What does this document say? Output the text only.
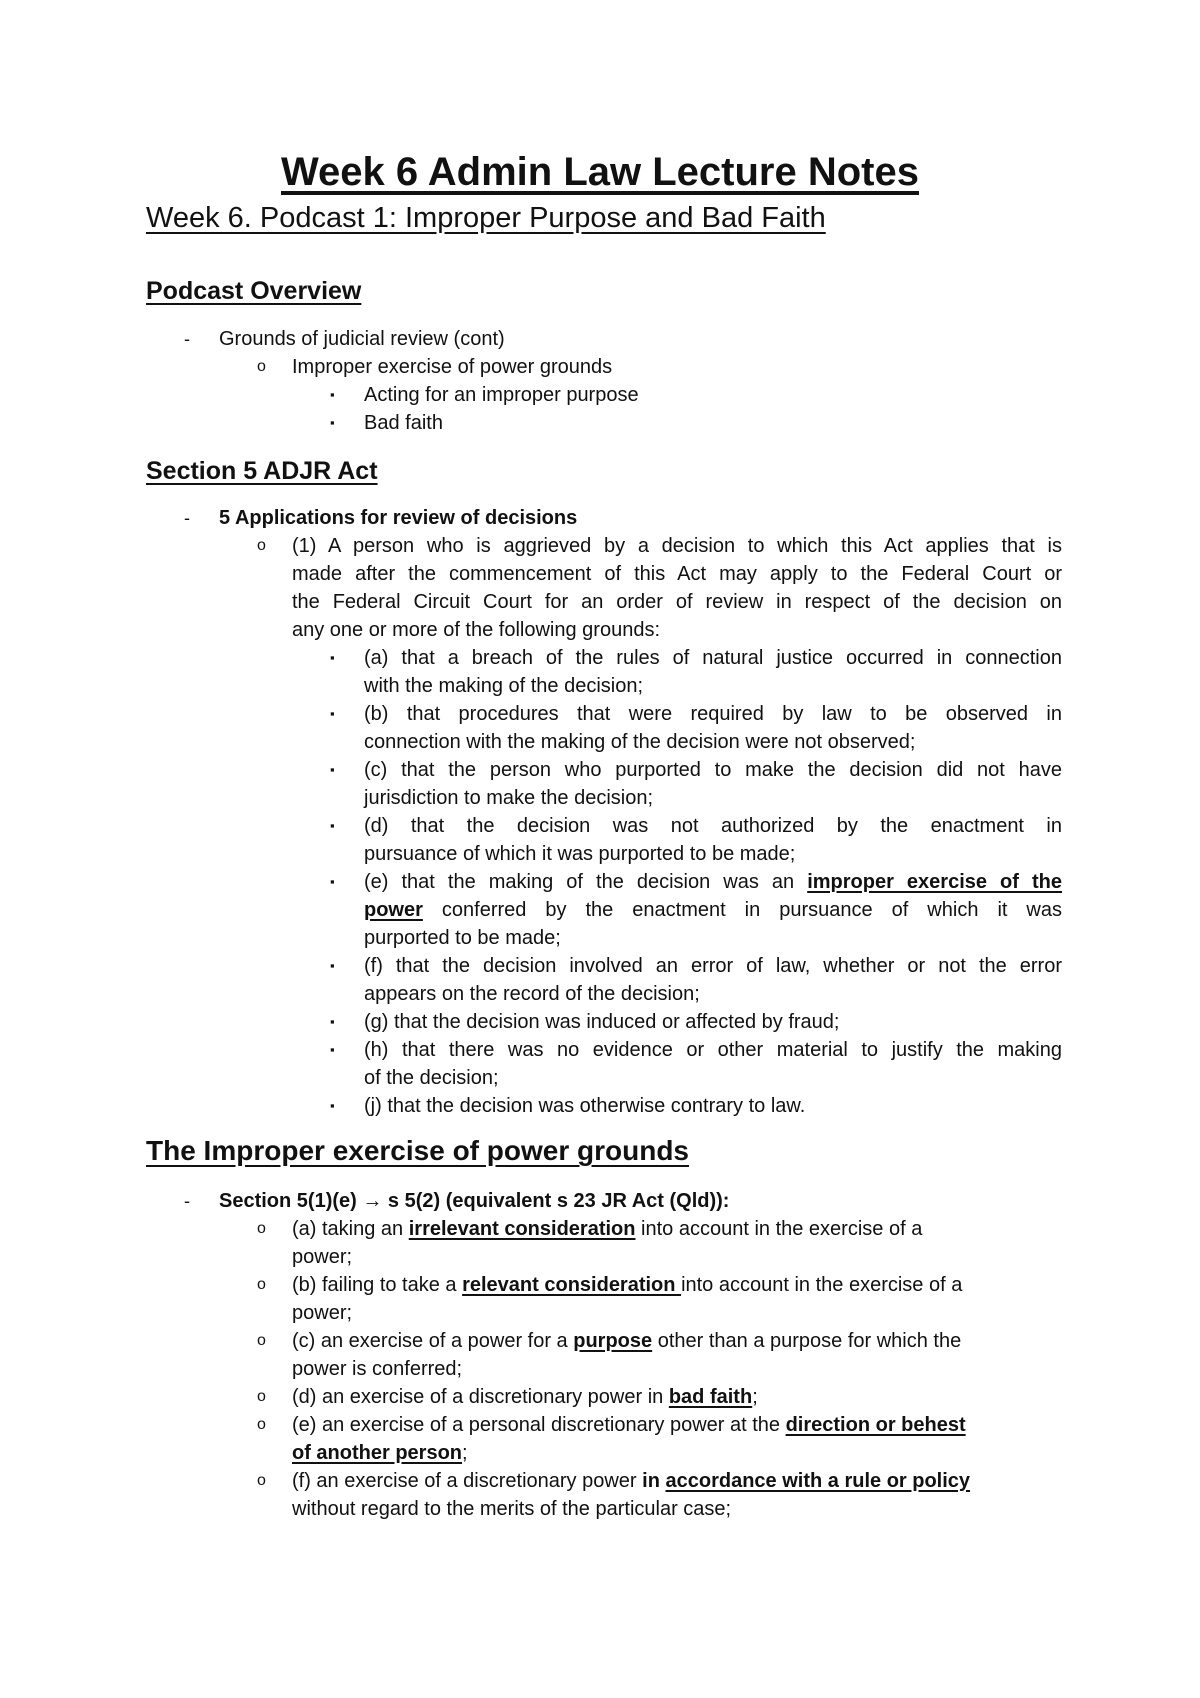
Week 6 Admin Law Lecture Notes
Week 6. Podcast 1: Improper Purpose and Bad Faith
Podcast Overview
- Grounds of judicial review (cont)
o Improper exercise of power grounds
▪ Acting for an improper purpose
▪ Bad faith
Section 5 ADJR Act
- 5 Applications for review of decisions
o (1) A person who is aggrieved by a decision to which this Act applies that is
made after the commencement of this Act may apply to the Federal Court or
the Federal Circuit Court for an order of review in respect of the decision on
any one or more of the following grounds:
▪ (a) that a breach of the rules of natural justice occurred in connection
with the making of the decision;
▪ (b) that procedures that were required by law to be observed in
connection with the making of the decision were not observed;
▪ (c) that the person who purported to make the decision did not have
jurisdiction to make the decision;
▪ (d) that the decision was not authorized by the enactment in
pursuance of which it was purported to be made;
▪ (e) that the making of the decision was an improper exercise of the
power conferred by the enactment in pursuance of which it was
purported to be made;
▪ (f) that the decision involved an error of law, whether or not the error
appears on the record of the decision;
▪ (g) that the decision was induced or affected by fraud;
▪ (h) that there was no evidence or other material to justify the making
of the decision;
▪ (j) that the decision was otherwise contrary to law.
The Improper exercise of power grounds
- Section 5(1)(e) → s 5(2) (equivalent s 23 JR Act (Qld)):
o (a) taking an irrelevant consideration into account in the exercise of a
power;
o (b) failing to take a relevant consideration into account in the exercise of a
power;
o (c) an exercise of a power for a purpose other than a purpose for which the
power is conferred;
o (d) an exercise of a discretionary power in bad faith;
o (e) an exercise of a personal discretionary power at the direction or behest
of another person;
o (f) an exercise of a discretionary power in accordance with a rule or policy
without regard to the merits of the particular case;
